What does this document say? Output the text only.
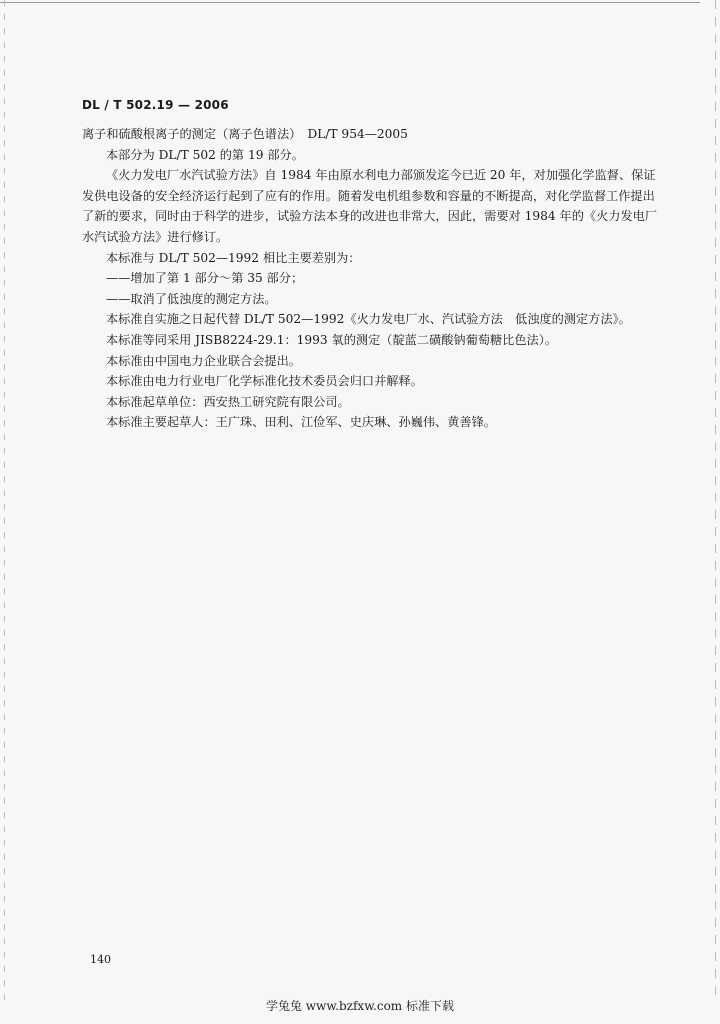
DL / T 502.19 — 2006

离子和硫酸根离子的测定（离子色谱法）　DL/T 954—2005

本部分为 DL/T 502 的第 19 部分。

《火力发电厂水汽试验方法》自 1984 年由原水利电力部颁发迄今已近 20 年，对加强化学监督、保证发供电设备的安全经济运行起到了应有的作用。随着发电机组参数和容量的不断提高，对化学监督工作提出了新的要求，同时由于科学的进步，试验方法本身的改进也非常大，因此，需要对 1984 年的《火力发电厂水汽试验方法》进行修订。

本标准与 DL/T 502—1992 相比主要差别为：

——增加了第 1 部分～第 35 部分；

——取消了低浊度的测定方法。

本标准自实施之日起代替 DL/T 502—1992《火力发电厂水、汽试验方法　低浊度的测定方法》。

本标准等同采用 JISB8224-29.1：1993 氧的测定（靛蓝二磺酸钠葡萄糖比色法）。

本标准由中国电力企业联合会提出。

本标准由电力行业电厂化学标准化技术委员会归口并解释。

本标准起草单位：西安热工研究院有限公司。

本标准主要起草人：王广珠、田利、江俭军、史庆琳、孙巍伟、黄善锋。

140
学兔兔 www.bzfxw.com 标准下载
